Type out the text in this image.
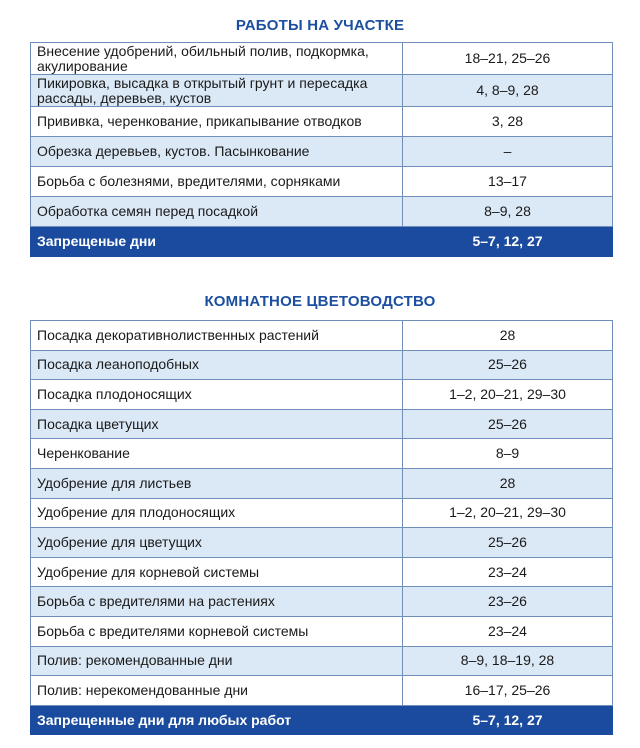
РАБОТЫ НА УЧАСТКЕ
Внесение удобрений, обильный полив, подкормка, акулирование	18–21, 25–26
Пикировка, высадка в открытый грунт и пересадка рассады, деревьев, кустов	4, 8–9, 28
Прививка, черенкование, прикапывание отводков	3, 28
Обрезка деревьев, кустов. Пасынкование	–
Борьба с болезнями, вредителями, сорняками	13–17
Обработка семян перед посадкой	8–9, 28
Запрещеные дни	5–7, 12, 27
КОМНАТНОЕ ЦВЕТОВОДСТВО
Посадка декоративнолиственных растений	28
Посадка леаноподобных	25–26
Посадка плодоносящих	1–2, 20–21, 29–30
Посадка цветущих	25–26
Черенкование	8–9
Удобрение для листьев	28
Удобрение для плодоносящих	1–2, 20–21, 29–30
Удобрение для цветущих	25–26
Удобрение для корневой системы	23–24
Борьба с вредителями на растениях	23–26
Борьба с вредителями корневой системы	23–24
Полив: рекомендованные дни	8–9, 18–19, 28
Полив: нерекомендованные дни	16–17, 25–26
Запрещенные дни для любых работ	5–7, 12, 27
